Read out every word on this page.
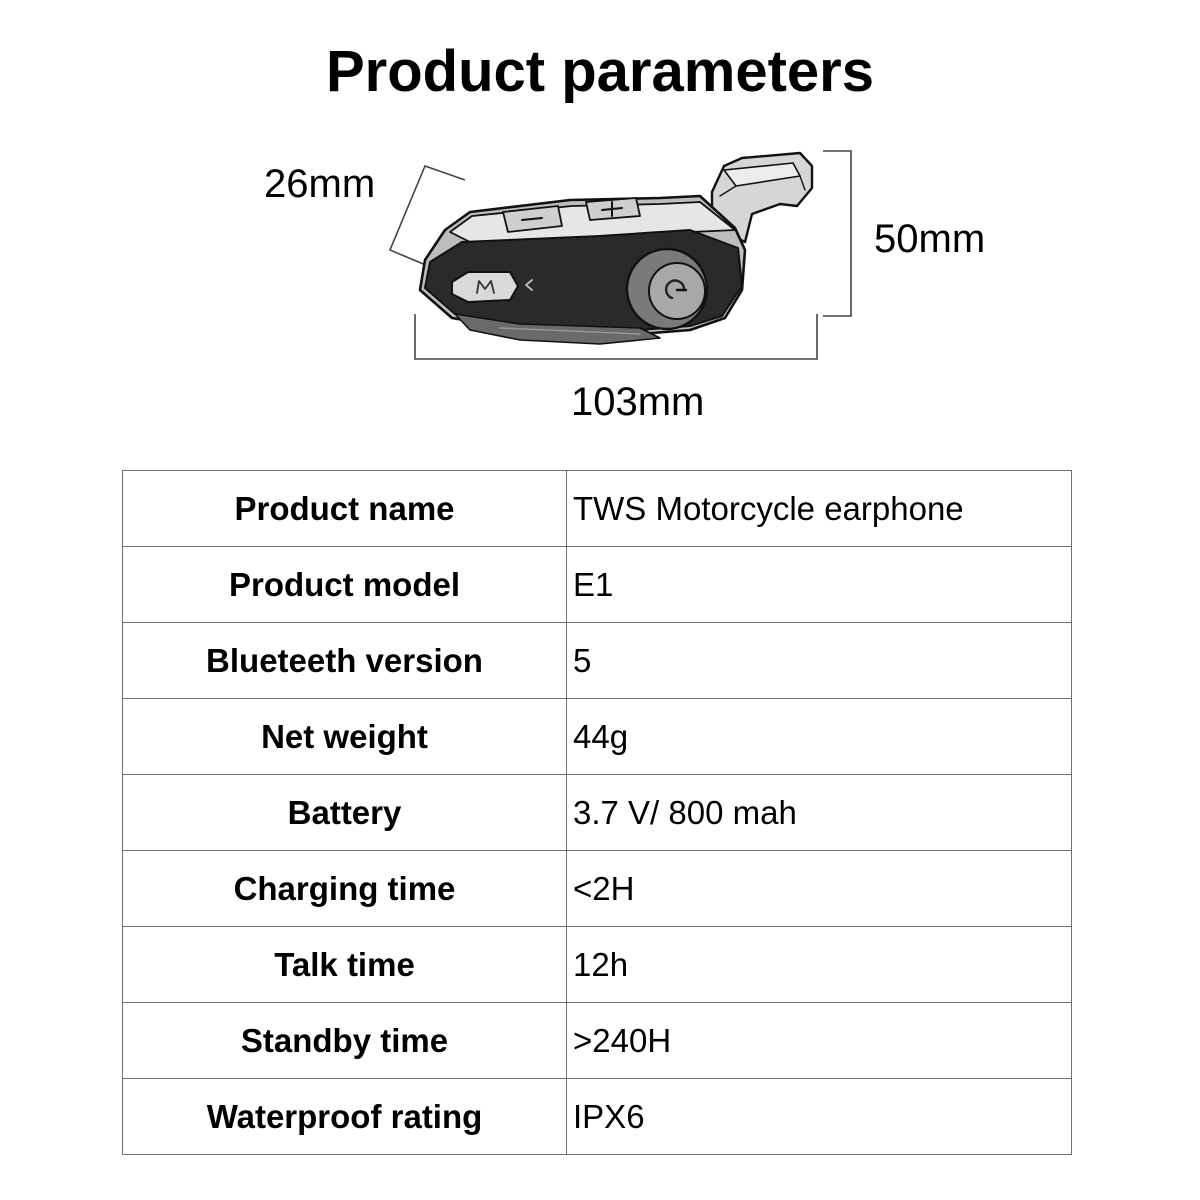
Product parameters
26mm
50mm
103mm
Product name	TWS Motorcycle earphone
Product model	E1
Blueteeth version	5
Net weight	44g
Battery	3.7 V/ 800 mah
Charging time	<2H
Talk time	12h
Standby time	>240H
Waterproof rating	IPX6
